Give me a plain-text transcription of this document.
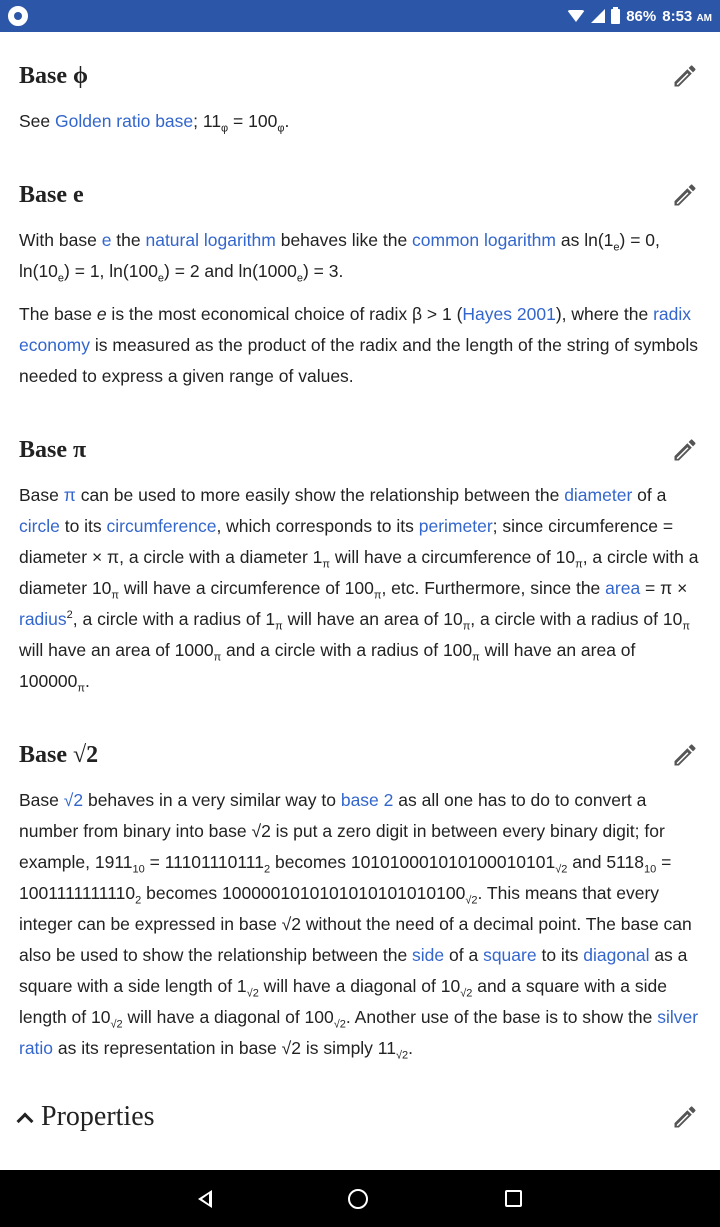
86% 8:53 AM
Base ϕ

See Golden ratio base; $11_\varphi = 100_\varphi$.

Base e

With base e the natural logarithm behaves like the common logarithm as $\ln(1_e) = 0$, $\ln(10_e) = 1$, $\ln(100_e) = 2$ and $\ln(1000_e) = 3$.

The base e is the most economical choice of radix β > 1 (Hayes 2001), where the radix economy is measured as the product of the radix and the length of the string of symbols needed to express a given range of values.

Base π

Base π can be used to more easily show the relationship between the diameter of a circle to its circumference, which corresponds to its perimeter; since circumference = diameter × π, a circle with a diameter $1_\pi$ will have a circumference of $10_\pi$, a circle with a diameter $10_\pi$ will have a circumference of $100_\pi$, etc. Furthermore, since the area = π × radius$^2$, a circle with a radius of $1_\pi$ will have an area of $10_\pi$, a circle with a radius of $10_\pi$ will have an area of $1000_\pi$ and a circle with a radius of $100_\pi$ will have an area of $100000_\pi$.

Base √2

Base √2 behaves in a very similar way to base 2 as all one has to do to convert a number from binary into base √2 is put a zero digit in between every binary digit; for example, $1911_{10} = 11101110111_2$ becomes $101010001010100010101_{√2}$ and $5118_{10} = 1001111111110_2$ becomes $1000001010101010101010100_{√2}$. This means that every integer can be expressed in base √2 without the need of a decimal point. The base can also be used to show the relationship between the side of a square to its diagonal as a square with a side length of $1_{√2}$ will have a diagonal of $10_{√2}$ and a square with a side length of $10_{√2}$ will have a diagonal of $100_{√2}$. Another use of the base is to show the silver ratio as its representation in base √2 is simply $11_{√2}$.

Properties
